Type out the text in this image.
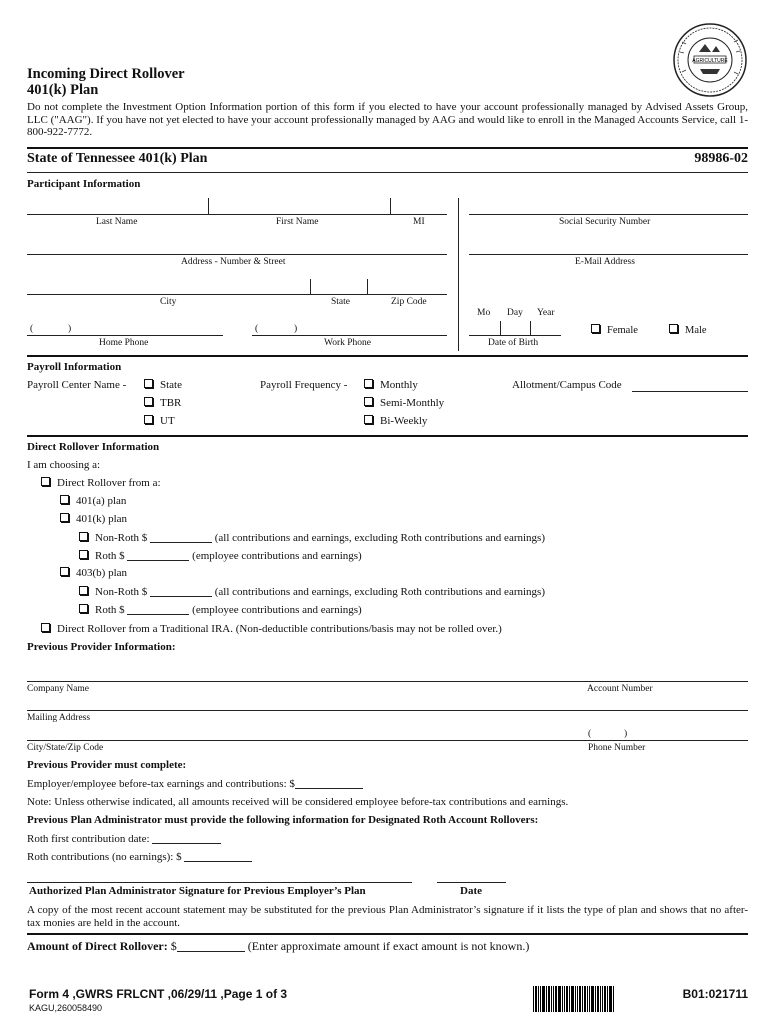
Incoming Direct Rollover
401(k) Plan
AGRICULTURE
Do not complete the Investment Option Information portion of this form if you elected to have your account professionally managed by Advised Assets Group, LLC ("AAG"). If you have not yet elected to have your account professionally managed by AAG and would like to enroll in the Managed Accounts Service, call 1-800-922-7772.
State of Tennessee 401(k) Plan	98986-02
Participant Information
Last Name	First Name	MI	Social Security Number
Address - Number & Street	E-Mail Address
City	State	Zip Code
Mo Day Year
Date of Birth
Female	Male
(	)
Home Phone
(	)
Work Phone
Payroll Information
Payroll Center Name -	State
TBR
UT
Payroll Frequency -	Monthly
Semi-Monthly
Bi-Weekly
Allotment/Campus Code
Direct Rollover Information
I am choosing a:
Direct Rollover from a:
401(a) plan
401(k) plan
Non-Roth $	(all contributions and earnings, excluding Roth contributions and earnings)
Roth $	(employee contributions and earnings)
403(b) plan
Non-Roth $	(all contributions and earnings, excluding Roth contributions and earnings)
Roth $	(employee contributions and earnings)
Direct Rollover from a Traditional IRA. (Non-deductible contributions/basis may not be rolled over.)
Previous Provider Information:
Company Name	Account Number
Mailing Address
(	)
City/State/Zip Code	Phone Number
Previous Provider must complete:
Employer/employee before-tax earnings and contributions: $
Note: Unless otherwise indicated, all amounts received will be considered employee before-tax contributions and earnings.
Previous Plan Administrator must provide the following information for Designated Roth Account Rollovers:
Roth first contribution date:
Roth contributions (no earnings): $
Authorized Plan Administrator Signature for Previous Employer’s Plan	Date
A copy of the most recent account statement may be substituted for the previous Plan Administrator’s signature if it lists the type of plan and shows that no after-tax monies are held in the account.
Amount of Direct Rollover: $	(Enter approximate amount if exact amount is not known.)
Form 4 ,GWRS FRLCNT ,06/29/11 ,Page 1 of 3
KAGU,260058490
B01:021711
